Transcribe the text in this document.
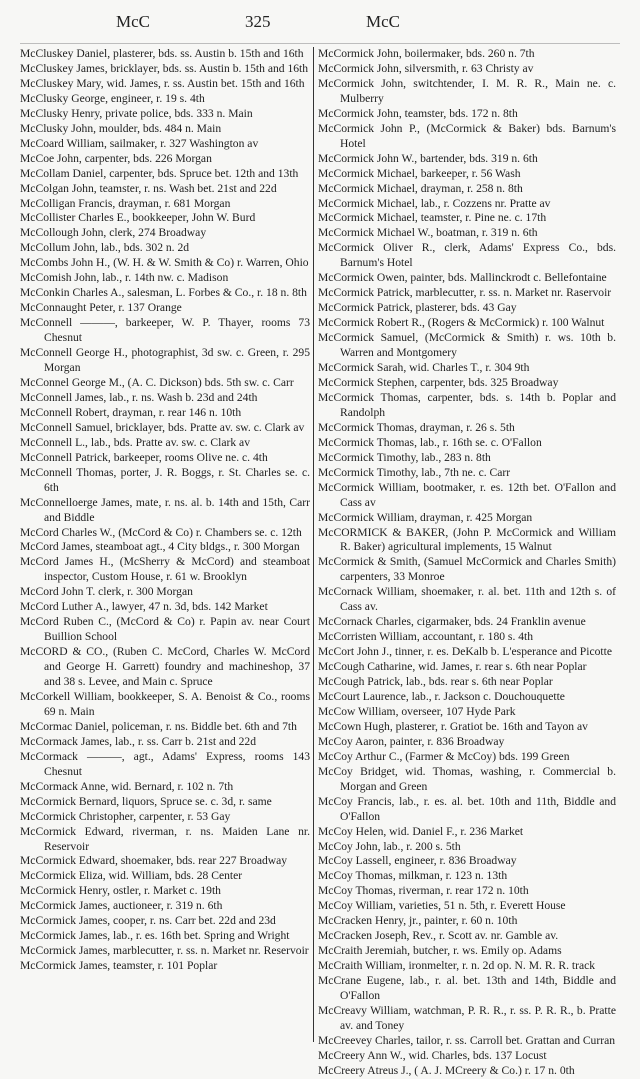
McC	325	McC

McCluskey Daniel, plasterer, bds. ss. Austin b. 15th and 16th

McCluskey James, bricklayer, bds. ss. Austin b. 15th and 16th

McCluskey Mary, wid. James, r. ss. Austin bet. 15th and 16th

McClusky George, engineer, r. 19 s. 4th

McClusky Henry, private police, bds. 333 n. Main

McClusky John, moulder, bds. 484 n. Main

McCoard William, sailmaker, r. 327 Washington av

McCoe John, carpenter, bds. 226 Morgan

McCollam Daniel, carpenter, bds. Spruce bet. 12th and 13th

McColgan John, teamster, r. ns. Wash bet. 21st and 22d

McColligan Francis, drayman, r. 681 Morgan

McCollister Charles E., bookkeeper, John W. Burd

McCollough John, clerk, 274 Broadway

McCollum John, lab., bds. 302 n. 2d

McCombs John H., (W. H. & W. Smith & Co) r. Warren, Ohio

McComish John, lab., r. 14th nw. c. Madison

McConkin Charles A., salesman, L. Forbes & Co., r. 18 n. 8th

McConnaught Peter, r. 137 Orange

McConnell ———, barkeeper, W. P. Thayer, rooms 73 Chesnut

McConnell George H., photographist, 3d sw. c. Green, r. 295 Morgan

McConnel George M., (A. C. Dickson) bds. 5th sw. c. Carr

McConnell James, lab., r. ns. Wash b. 23d and 24th

McConnell Robert, drayman, r. rear 146 n. 10th

McConnell Samuel, bricklayer, bds. Pratte av. sw. c. Clark av

McConnell L., lab., bds. Pratte av. sw. c. Clark av

McConnell Patrick, barkeeper, rooms Olive ne. c. 4th

McConnell Thomas, porter, J. R. Boggs, r. St. Charles se. c. 6th

McConnelloerge James, mate, r. ns. al. b. 14th and 15th, Carr and Biddle

McCord Charles W., (McCord & Co) r. Chambers se. c. 12th

McCord James, steamboat agt., 4 City bldgs., r. 300 Morgan

McCord James H., (McSherry & McCord) and steamboat inspector, Custom House, r. 61 w. Brooklyn

McCord John T. clerk, r. 300 Morgan

McCord Luther A., lawyer, 47 n. 3d, bds. 142 Market

McCord Ruben C., (McCord & Co) r. Papin av. near Court Buillion School

McCORD & CO., (Ruben C. McCord, Charles W. McCord and George H. Garrett) foundry and machineshop, 37 and 38 s. Levee, and Main c. Spruce

McCorkell William, bookkeeper, S. A. Benoist & Co., rooms 69 n. Main

McCormac Daniel, policeman, r. ns. Biddle bet. 6th and 7th

McCormack James, lab., r. ss. Carr b. 21st and 22d

McCormack ———, agt., Adams' Express, rooms 143 Chesnut

McCormack Anne, wid. Bernard, r. 102 n. 7th

McCormick Bernard, liquors, Spruce se. c. 3d, r. same

McCormick Christopher, carpenter, r. 53 Gay

McCormick Edward, riverman, r. ns. Maiden Lane nr. Reservoir

McCormick Edward, shoemaker, bds. rear 227 Broadway

McCormick Eliza, wid. William, bds. 28 Center

McCormick Henry, ostler, r. Market c. 19th

McCormick James, auctioneer, r. 319 n. 6th

McCormick James, cooper, r. ns. Carr bet. 22d and 23d

McCormick James, lab., r. es. 16th bet. Spring and Wright

McCormick James, marblecutter, r. ss. n. Market nr. Reservoir

McCormick James, teamster, r. 101 Poplar

McCormick John, boilermaker, bds. 260 n. 7th

McCormick John, silversmith, r. 63 Christy av

McCormick John, switchtender, I. M. R. R., Main ne. c. Mulberry

McCormick John, teamster, bds. 172 n. 8th

McCormick John P., (McCormick & Baker) bds. Barnum's Hotel

McCormick John W., bartender, bds. 319 n. 6th

McCormick Michael, barkeeper, r. 56 Wash

McCormick Michael, drayman, r. 258 n. 8th

McCormick Michael, lab., r. Cozzens nr. Pratte av

McCormick Michael, teamster, r. Pine ne. c. 17th

McCormick Michael W., boatman, r. 319 n. 6th

McCormick Oliver R., clerk, Adams' Express Co., bds. Barnum's Hotel

McCormick Owen, painter, bds. Mallinckrodt c. Bellefontaine

McCormick Patrick, marblecutter, r. ss. n. Market nr. Raservoir

McCormick Patrick, plasterer, bds. 43 Gay

McCormick Robert R., (Rogers & McCormick) r. 100 Walnut

McCormick Samuel, (McCormick & Smith) r. ws. 10th b. Warren and Montgomery

McCormick Sarah, wid. Charles T., r. 304 9th

McCormick Stephen, carpenter, bds. 325 Broadway

McCormick Thomas, carpenter, bds. s. 14th b. Poplar and Randolph

McCormick Thomas, drayman, r. 26 s. 5th

McCormick Thomas, lab., r. 16th se. c. O'Fallon

McCormick Timothy, lab., 283 n. 8th

McCormick Timothy, lab., 7th ne. c. Carr

McCormick William, bootmaker, r. es. 12th bet. O'Fallon and Cass av

McCormick William, drayman, r. 425 Morgan

McCORMICK & BAKER, (John P. McCormick and William R. Baker) agricultural implements, 15 Walnut

McCormick & Smith, (Samuel McCormick and Charles Smith) carpenters, 33 Monroe

McCornack William, shoemaker, r. al. bet. 11th and 12th s. of Cass av.

McCornack Charles, cigarmaker, bds. 24 Franklin avenue

McCorristen William, accountant, r. 180 s. 4th

McCort John J., tinner, r. es. DeKalb b. L'esperance and Picotte

McCough Catharine, wid. James, r. rear s. 6th near Poplar

McCough Patrick, lab., bds. rear s. 6th near Poplar

McCourt Laurence, lab., r. Jackson c. Douchouquette

McCow William, overseer, 107 Hyde Park

McCown Hugh, plasterer, r. Gratiot be. 16th and Tayon av

McCoy Aaron, painter, r. 836 Broadway

McCoy Arthur C., (Farmer & McCoy) bds. 199 Green

McCoy Bridget, wid. Thomas, washing, r. Commercial b. Morgan and Green

McCoy Francis, lab., r. es. al. bet. 10th and 11th, Biddle and O'Fallon

McCoy Helen, wid. Daniel F., r. 236 Market

McCoy John, lab., r. 200 s. 5th

McCoy Lassell, engineer, r. 836 Broadway

McCoy Thomas, milkman, r. 123 n. 13th

McCoy Thomas, riverman, r. rear 172 n. 10th

McCoy William, varieties, 51 n. 5th, r. Everett House

McCracken Henry, jr., painter, r. 60 n. 10th

McCracken Joseph, Rev., r. Scott av. nr. Gamble av.

McCraith Jeremiah, butcher, r. ws. Emily op. Adams

McCraith William, ironmelter, r. n. 2d op. N. M. R. R. track

McCrane Eugene, lab., r. al. bet. 13th and 14th, Biddle and O'Fallon

McCreavy William, watchman, P. R. R., r. ss. P. R. R., b. Pratte av. and Toney

McCreevey Charles, tailor, r. ss. Carroll bet. Grattan and Curran

McCreery Ann W., wid. Charles, bds. 137 Locust

McCreery Atreus J., ( A. J. MCreery & Co.) r. 17 n. 0th
